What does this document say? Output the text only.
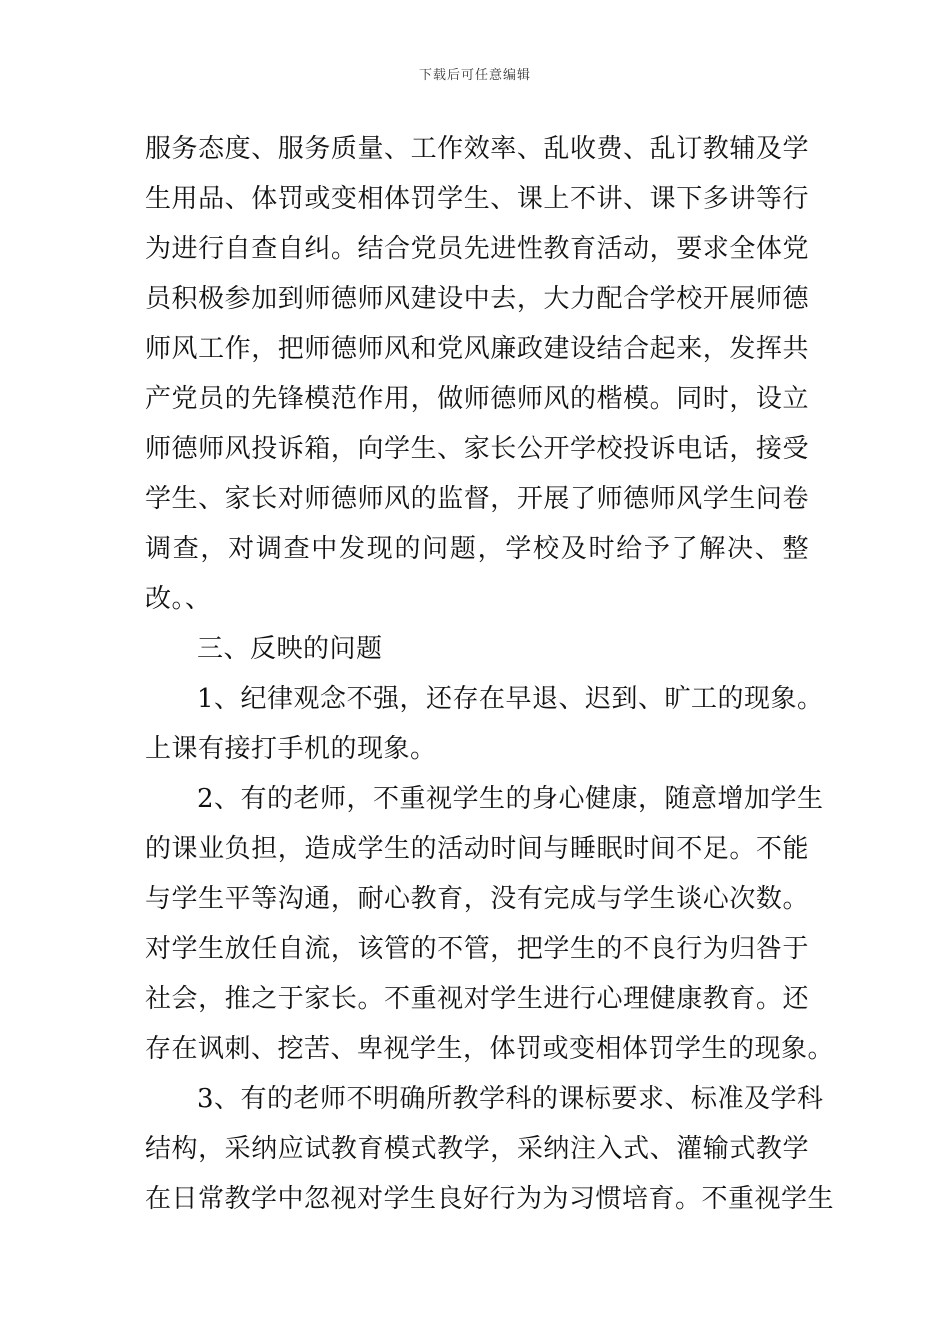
下载后可任意编辑
服务态度、服务质量、工作效率、乱收费、乱订教辅及学
生用品、体罚或变相体罚学生、课上不讲、课下多讲等行
为进行自查自纠。结合党员先进性教育活动，要求全体党
员积极参加到师德师风建设中去，大力配合学校开展师德
师风工作，把师德师风和党风廉政建设结合起来，发挥共
产党员的先锋模范作用，做师德师风的楷模。同时，设立
师德师风投诉箱，向学生、家长公开学校投诉电话，接受
学生、家长对师德师风的监督，开展了师德师风学生问卷
调查，对调查中发现的问题，学校及时给予了解决、整
改。、
三、反映的问题
1、纪律观念不强，还存在早退、迟到、旷工的现象。
上课有接打手机的现象。
2、有的老师，不重视学生的身心健康，随意增加学生
的课业负担，造成学生的活动时间与睡眠时间不足。不能
与学生平等沟通，耐心教育，没有完成与学生谈心次数。
对学生放任自流，该管的不管，把学生的不良行为归咎于
社会，推之于家长。不重视对学生进行心理健康教育。还
存在讽刺、挖苦、卑视学生，体罚或变相体罚学生的现象。
3、有的老师不明确所教学科的课标要求、标准及学科
结构，采纳应试教育模式教学，采纳注入式、灌输式教学
在日常教学中忽视对学生良好行为为习惯培育。不重视学生
